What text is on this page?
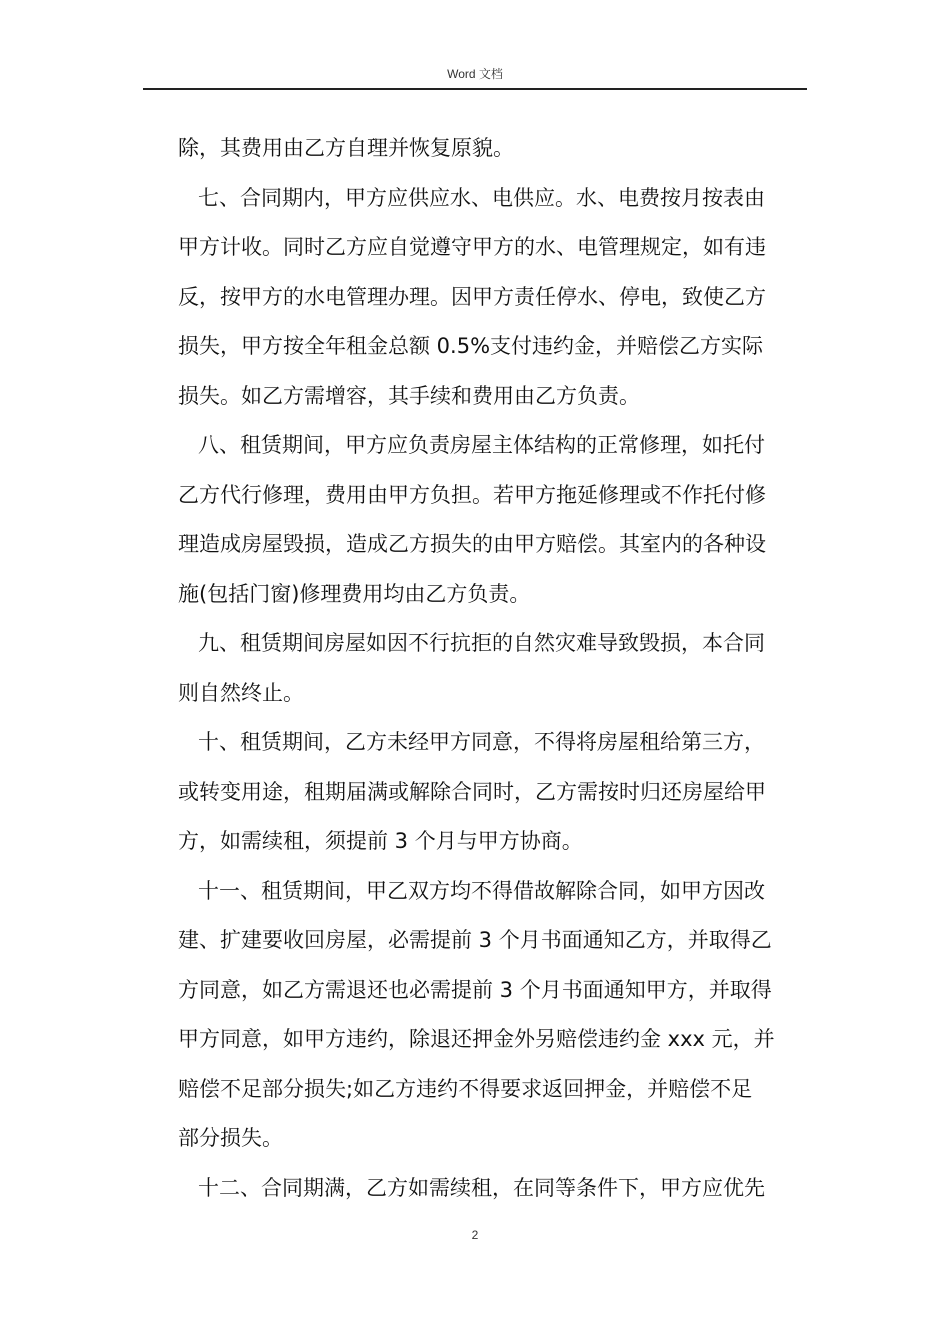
Word 文档
除，其费用由乙方自理并恢复原貌。
七、合同期内，甲方应供应水、电供应。水、电费按月按表由
甲方计收。同时乙方应自觉遵守甲方的水、电管理规定，如有违
反，按甲方的水电管理办理。因甲方责任停水、停电，致使乙方
损失，甲方按全年租金总额 0.5%支付违约金，并赔偿乙方实际
损失。如乙方需增容，其手续和费用由乙方负责。
八、租赁期间，甲方应负责房屋主体结构的正常修理，如托付
乙方代行修理，费用由甲方负担。若甲方拖延修理或不作托付修
理造成房屋毁损，造成乙方损失的由甲方赔偿。其室内的各种设
施(包括门窗)修理费用均由乙方负责。
九、租赁期间房屋如因不行抗拒的自然灾难导致毁损，本合同
则自然终止。
十、租赁期间，乙方未经甲方同意，不得将房屋租给第三方，
或转变用途，租期届满或解除合同时，乙方需按时归还房屋给甲
方，如需续租，须提前 3 个月与甲方协商。
十一、租赁期间，甲乙双方均不得借故解除合同，如甲方因改
建、扩建要收回房屋，必需提前 3 个月书面通知乙方，并取得乙
方同意，如乙方需退还也必需提前 3 个月书面通知甲方，并取得
甲方同意，如甲方违约，除退还押金外另赔偿违约金 xxx 元，并
赔偿不足部分损失;如乙方违约不得要求返回押金，并赔偿不足
部分损失。
十二、合同期满，乙方如需续租，在同等条件下，甲方应优先
2
